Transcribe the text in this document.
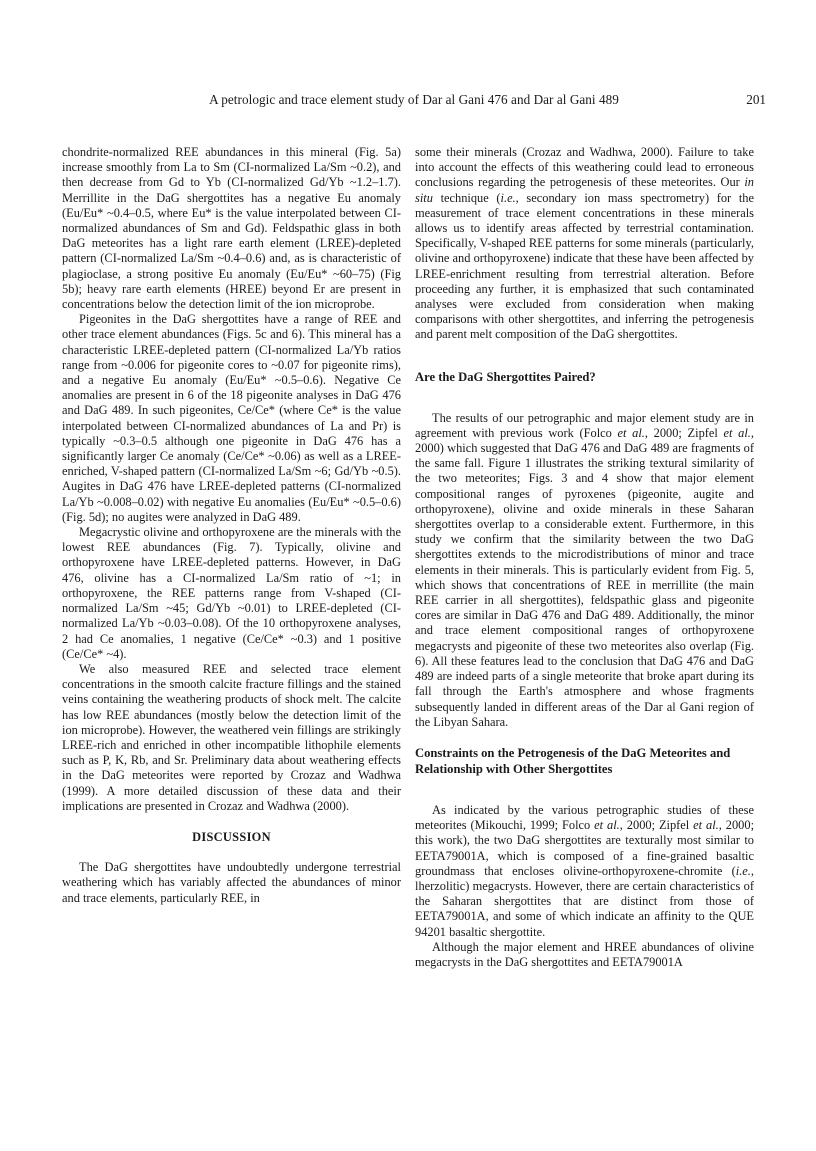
A petrologic and trace element study of Dar al Gani 476 and Dar al Gani 489	201

chondrite-normalized REE abundances in this mineral (Fig. 5a) increase smoothly from La to Sm (CI-normalized La/Sm ~0.2), and then decrease from Gd to Yb (CI-normalized Gd/Yb ~1.2–1.7). Merrillite in the DaG shergottites has a negative Eu anomaly (Eu/Eu* ~0.4–0.5, where Eu* is the value interpolated between CI-normalized abundances of Sm and Gd). Feldspathic glass in both DaG meteorites has a light rare earth element (LREE)-depleted pattern (CI-normalized La/Sm ~0.4–0.6) and, as is characteristic of plagioclase, a strong positive Eu anomaly (Eu/Eu* ~60–75) (Fig 5b); heavy rare earth elements (HREE) beyond Er are present in concentrations below the detection limit of the ion microprobe.

Pigeonites in the DaG shergottites have a range of REE and other trace element abundances (Figs. 5c and 6). This mineral has a characteristic LREE-depleted pattern (CI-normalized La/Yb ratios range from ~0.006 for pigeonite cores to ~0.07 for pigeonite rims), and a negative Eu anomaly (Eu/Eu* ~0.5–0.6). Negative Ce anomalies are present in 6 of the 18 pigeonite analyses in DaG 476 and DaG 489. In such pigeonites, Ce/Ce* (where Ce* is the value interpolated between CI-normalized abundances of La and Pr) is typically ~0.3–0.5 although one pigeonite in DaG 476 has a significantly larger Ce anomaly (Ce/Ce* ~0.06) as well as a LREE-enriched, V-shaped pattern (CI-normalized La/Sm ~6; Gd/Yb ~0.5). Augites in DaG 476 have LREE-depleted patterns (CI-normalized La/Yb ~0.008–0.02) with negative Eu anomalies (Eu/Eu* ~0.5–0.6) (Fig. 5d); no augites were analyzed in DaG 489.

Megacrystic olivine and orthopyroxene are the minerals with the lowest REE abundances (Fig. 7). Typically, olivine and orthopyroxene have LREE-depleted patterns. However, in DaG 476, olivine has a CI-normalized La/Sm ratio of ~1; in orthopyroxene, the REE patterns range from V-shaped (CI-normalized La/Sm ~45; Gd/Yb ~0.01) to LREE-depleted (CI-normalized La/Yb ~0.03–0.08). Of the 10 orthopyroxene analyses, 2 had Ce anomalies, 1 negative (Ce/Ce* ~0.3) and 1 positive (Ce/Ce* ~4).

We also measured REE and selected trace element concentrations in the smooth calcite fracture fillings and the stained veins containing the weathering products of shock melt. The calcite has low REE abundances (mostly below the detection limit of the ion microprobe). However, the weathered vein fillings are strikingly LREE-rich and enriched in other incompatible lithophile elements such as P, K, Rb, and Sr. Preliminary data about weathering effects in the DaG meteorites were reported by Crozaz and Wadhwa (1999). A more detailed discussion of these data and their implications are presented in Crozaz and Wadhwa (2000).

DISCUSSION

The DaG shergottites have undoubtedly undergone terrestrial weathering which has variably affected the abundances of minor and trace elements, particularly REE, in

some their minerals (Crozaz and Wadhwa, 2000). Failure to take into account the effects of this weathering could lead to erroneous conclusions regarding the petrogenesis of these meteorites. Our in situ technique (i.e., secondary ion mass spectrometry) for the measurement of trace element concentrations in these minerals allows us to identify areas affected by terrestrial contamination. Specifically, V-shaped REE patterns for some minerals (particularly, olivine and orthopyroxene) indicate that these have been affected by LREE-enrichment resulting from terrestrial alteration. Before proceeding any further, it is emphasized that such contaminated analyses were excluded from consideration when making comparisons with other shergottites, and inferring the petrogenesis and parent melt composition of the DaG shergottites.

Are the DaG Shergottites Paired?

The results of our petrographic and major element study are in agreement with previous work (Folco et al., 2000; Zipfel et al., 2000) which suggested that DaG 476 and DaG 489 are fragments of the same fall. Figure 1 illustrates the striking textural similarity of the two meteorites; Figs. 3 and 4 show that major element compositional ranges of pyroxenes (pigeonite, augite and orthopyroxene), olivine and oxide minerals in these Saharan shergottites overlap to a considerable extent. Furthermore, in this study we confirm that the similarity between the two DaG shergottites extends to the microdistributions of minor and trace elements in their minerals. This is particularly evident from Fig. 5, which shows that concentrations of REE in merrillite (the main REE carrier in all shergottites), feldspathic glass and pigeonite cores are similar in DaG 476 and DaG 489. Additionally, the minor and trace element compositional ranges of orthopyroxene megacrysts and pigeonite of these two meteorites also overlap (Fig. 6). All these features lead to the conclusion that DaG 476 and DaG 489 are indeed parts of a single meteorite that broke apart during its fall through the Earth's atmosphere and whose fragments subsequently landed in different areas of the Dar al Gani region of the Libyan Sahara.

Constraints on the Petrogenesis of the DaG Meteorites and Relationship with Other Shergottites

As indicated by the various petrographic studies of these meteorites (Mikouchi, 1999; Folco et al., 2000; Zipfel et al., 2000; this work), the two DaG shergottites are texturally most similar to EETA79001A, which is composed of a fine-grained basaltic groundmass that encloses olivine-orthopyroxene-chromite (i.e., lherzolitic) megacrysts. However, there are certain characteristics of the Saharan shergottites that are distinct from those of EETA79001A, and some of which indicate an affinity to the QUE 94201 basaltic shergottite.

Although the major element and HREE abundances of olivine megacrysts in the DaG shergottites and EETA79001A
